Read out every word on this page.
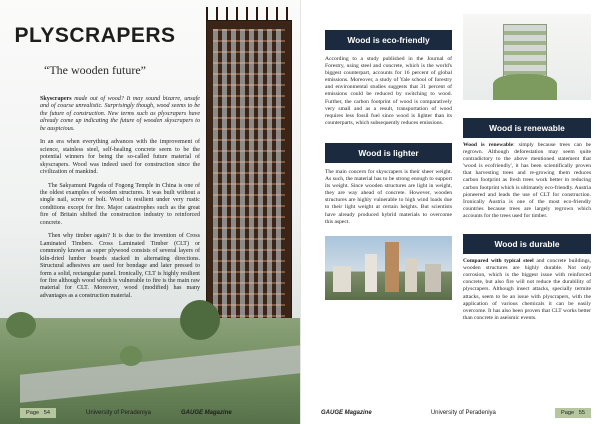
PLYSCRAPERS
“The wooden future”

Skyscrapers made out of wood? It may sound bizarre, unsafe and of course unrealistic. Surprisingly though, wood seems to be the future of construction. New terms such as plyscrapers have already come up indicating the future of wooden skyscrapers to be auspicious.

In an era when everything advances with the improvement of science, stainless steel, self-healing concrete seem to be the potential winners for being the so-called future material of skyscrapers. Wood was indeed used for construction since the civilization of mankind.

The Sakyamuni Pagoda of Fogong Temple in China is one of the oldest examples of wooden structures. It was built without a single nail, screw or bolt. Wood is resilient under very rustic conditions except for fire. Major catastrophes such as the great fire of Britain shifted the construction industry to reinforced concrete.

Then why timber again? It is due to the invention of Cross Laminated Timbers. Cross Laminated Timber (CLT) or commonly known as super plywood consists of several layers of kiln-dried lumber boards stacked in alternating directions. Structural adhesives are used for bondage and later pressed to form a solid, rectangular panel. Ironically, CLT is highly resilient for fire although wood which is vulnerable to fire is the main raw material for CLT. Moreover, wood (modified) has many advantages as a construction material.

Page 54	University of Peradeniya	GAUGE Magazine
Wood is eco-friendly

According to a study published in the Journal of Forestry, using steel and concrete, which is the world's biggest counterpart, accounts for 16 percent of global emissions. Moreover, a study of Yale school of forestry and environmental studies suggests that 31 percent of emissions could be reduced by switching to wood. Further, the carbon footprint of wood is comparatively very small and as a result, transportation of wood requires less fossil fuel since wood is lighter than its counterparts, which subsequently reduces emissions.

Wood is lighter

The main concern for skyscrapers is their sheer weight. As such, the material has to be strong enough to support its weight. Since wooden structures are light in weight, they are way ahead of concrete. However, wooden structures are highly vulnerable to high wind loads due to their light weight at certain heights. But scientists have already produced hybrid materials to overcome this aspect.

Wood is renewable

Wood is renewable: simply because trees can be regrown. Although deforestation may seem quite contradictory to the above mentioned statement that 'wood is ecofriendly', it has been scientifically proven that harvesting trees and re-growing them reduces carbon footprint as fresh trees work better in reducing carbon footprint which is ultimately eco-friendly. Austria pioneered and leads the use of CLT for construction. Ironically Austria is one of the most eco-friendly countries because trees are largely regrown which accounts for the trees used for timber.

Wood is durable

Compared with typical steel and concrete buildings, wooden structures are highly durable. Not only corrosion, which is the biggest issue with reinforced concrete, but also fire will not reduce the durability of plyscrapers. Although insect attacks, specially termite attacks, seem to be an issue with plyscrapers, with the application of various chemicals it can be easily overcome. It has also been proven that CLT works better than concrete in aseismic events.

GAUGE Magazine	University of Peradeniya	Page 55
